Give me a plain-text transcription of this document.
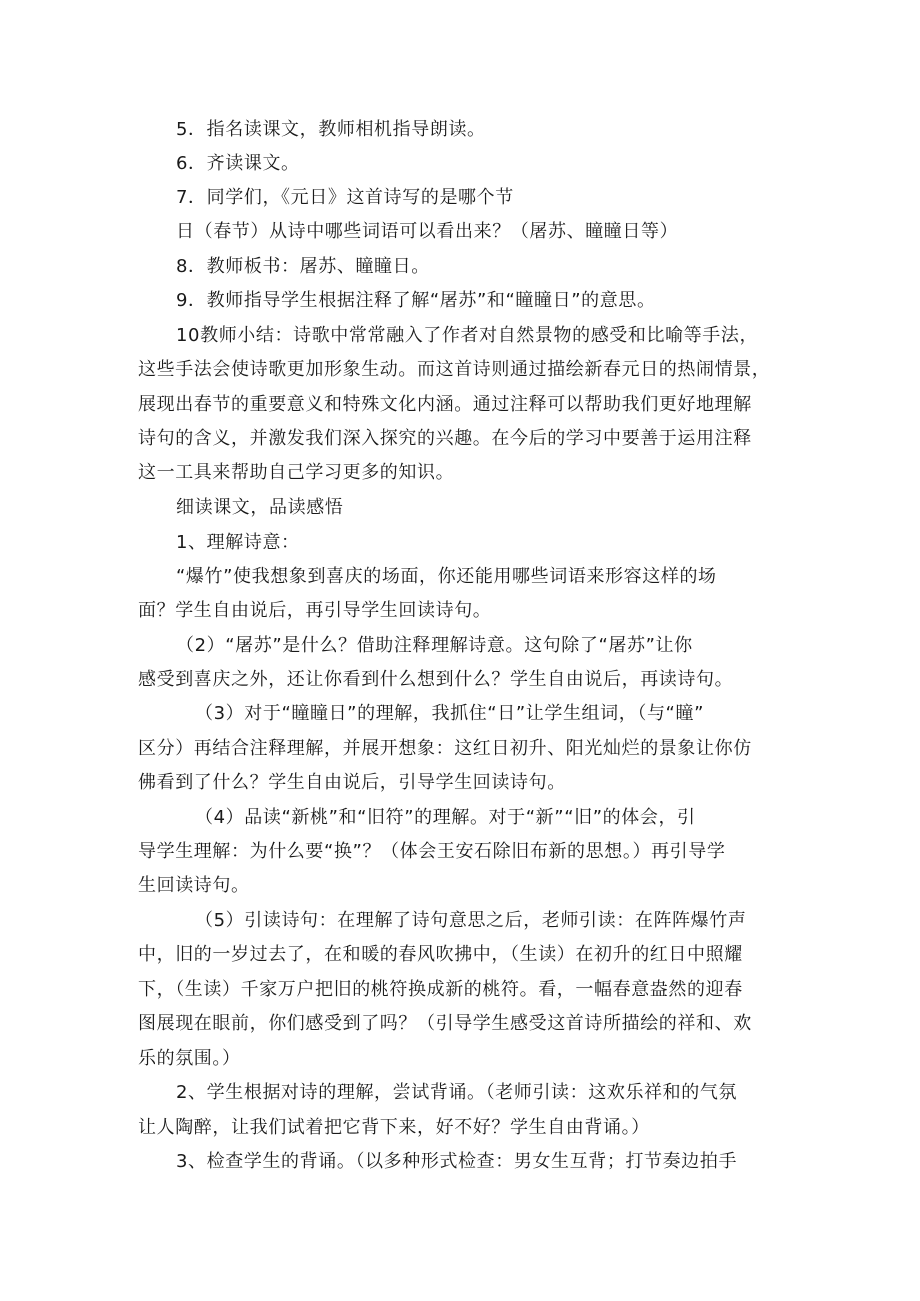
5．指名读课文，教师相机指导朗读。
6．齐读课文。
7．同学们，《元日》这首诗写的是哪个节
日（春节）从诗中哪些词语可以看出来？（屠苏、瞳瞳日等）
8．教师板书：屠苏、瞳瞳日。
9．教师指导学生根据注释了解“屠苏”和“瞳瞳日”的意思。
10教师小结：诗歌中常常融入了作者对自然景物的感受和比喻等手法，
这些手法会使诗歌更加形象生动。而这首诗则通过描绘新春元日的热闹情景，
展现出春节的重要意义和特殊文化内涵。通过注释可以帮助我们更好地理解
诗句的含义，并激发我们深入探究的兴趣。在今后的学习中要善于运用注释
这一工具来帮助自己学习更多的知识。
细读课文，品读感悟
1、理解诗意：
“爆竹”使我想象到喜庆的场面，你还能用哪些词语来形容这样的场
面？学生自由说后，再引导学生回读诗句。
（2）“屠苏”是什么？借助注释理解诗意。这句除了“屠苏”让你
感受到喜庆之外，还让你看到什么想到什么？学生自由说后，再读诗句。
（3）对于“瞳瞳日”的理解，我抓住“日”让学生组词，（与“瞳”
区分）再结合注释理解，并展开想象：这红日初升、阳光灿烂的景象让你仿
佛看到了什么？学生自由说后，引导学生回读诗句。
（4）品读“新桃”和“旧符”的理解。对于“新”“旧”的体会，引
导学生理解：为什么要“换”？（体会王安石除旧布新的思想。）再引导学
生回读诗句。
（5）引读诗句：在理解了诗句意思之后，老师引读：在阵阵爆竹声
中，旧的一岁过去了，在和暖的春风吹拂中，（生读）在初升的红日中照耀
下，（生读）千家万户把旧的桃符换成新的桃符。看，一幅春意盎然的迎春
图展现在眼前，你们感受到了吗？（引导学生感受这首诗所描绘的祥和、欢
乐的氛围。）
2、学生根据对诗的理解，尝试背诵。（老师引读：这欢乐祥和的气氛
让人陶醉，让我们试着把它背下来，好不好？学生自由背诵。）
3、检查学生的背诵。（以多种形式检查：男女生互背；打节奏边拍手
